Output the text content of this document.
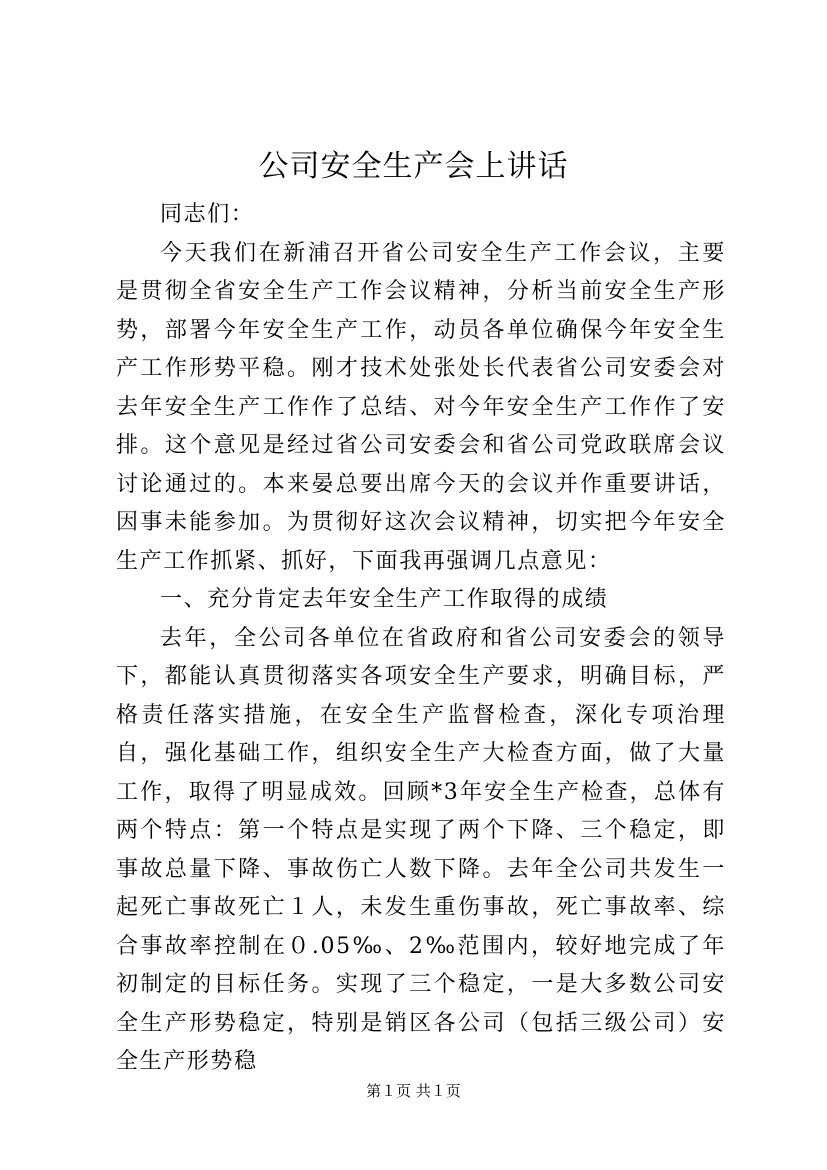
公司安全生产会上讲话

同志们：

今天我们在新浦召开省公司安全生产工作会议，主要是贯彻全省安全生产工作会议精神，分析当前安全生产形势，部署今年安全生产工作，动员各单位确保今年安全生产工作形势平稳。刚才技术处张处长代表省公司安委会对去年安全生产工作作了总结、对今年安全生产工作作了安排。这个意见是经过省公司安委会和省公司党政联席会议讨论通过的。本来晏总要出席今天的会议并作重要讲话，因事未能参加。为贯彻好这次会议精神，切实把今年安全生产工作抓紧、抓好，下面我再强调几点意见：

一、充分肯定去年安全生产工作取得的成绩

去年，全公司各单位在省政府和省公司安委会的领导下，都能认真贯彻落实各项安全生产要求，明确目标，严格责任落实措施，在安全生产监督检查，深化专项治理自，强化基础工作，组织安全生产大检查方面，做了大量工作，取得了明显成效。回顾*3年安全生产检查，总体有两个特点：第一个特点是实现了两个下降、三个稳定，即事故总量下降、事故伤亡人数下降。去年全公司共发生一起死亡事故死亡１人，未发生重伤事故，死亡事故率、综合事故率控制在０.05‰、2‰范围内，较好地完成了年初制定的目标任务。实现了三个稳定，一是大多数公司安全生产形势稳定，特别是销区各公司（包括三级公司）安全生产形势稳

第１页 共１页
